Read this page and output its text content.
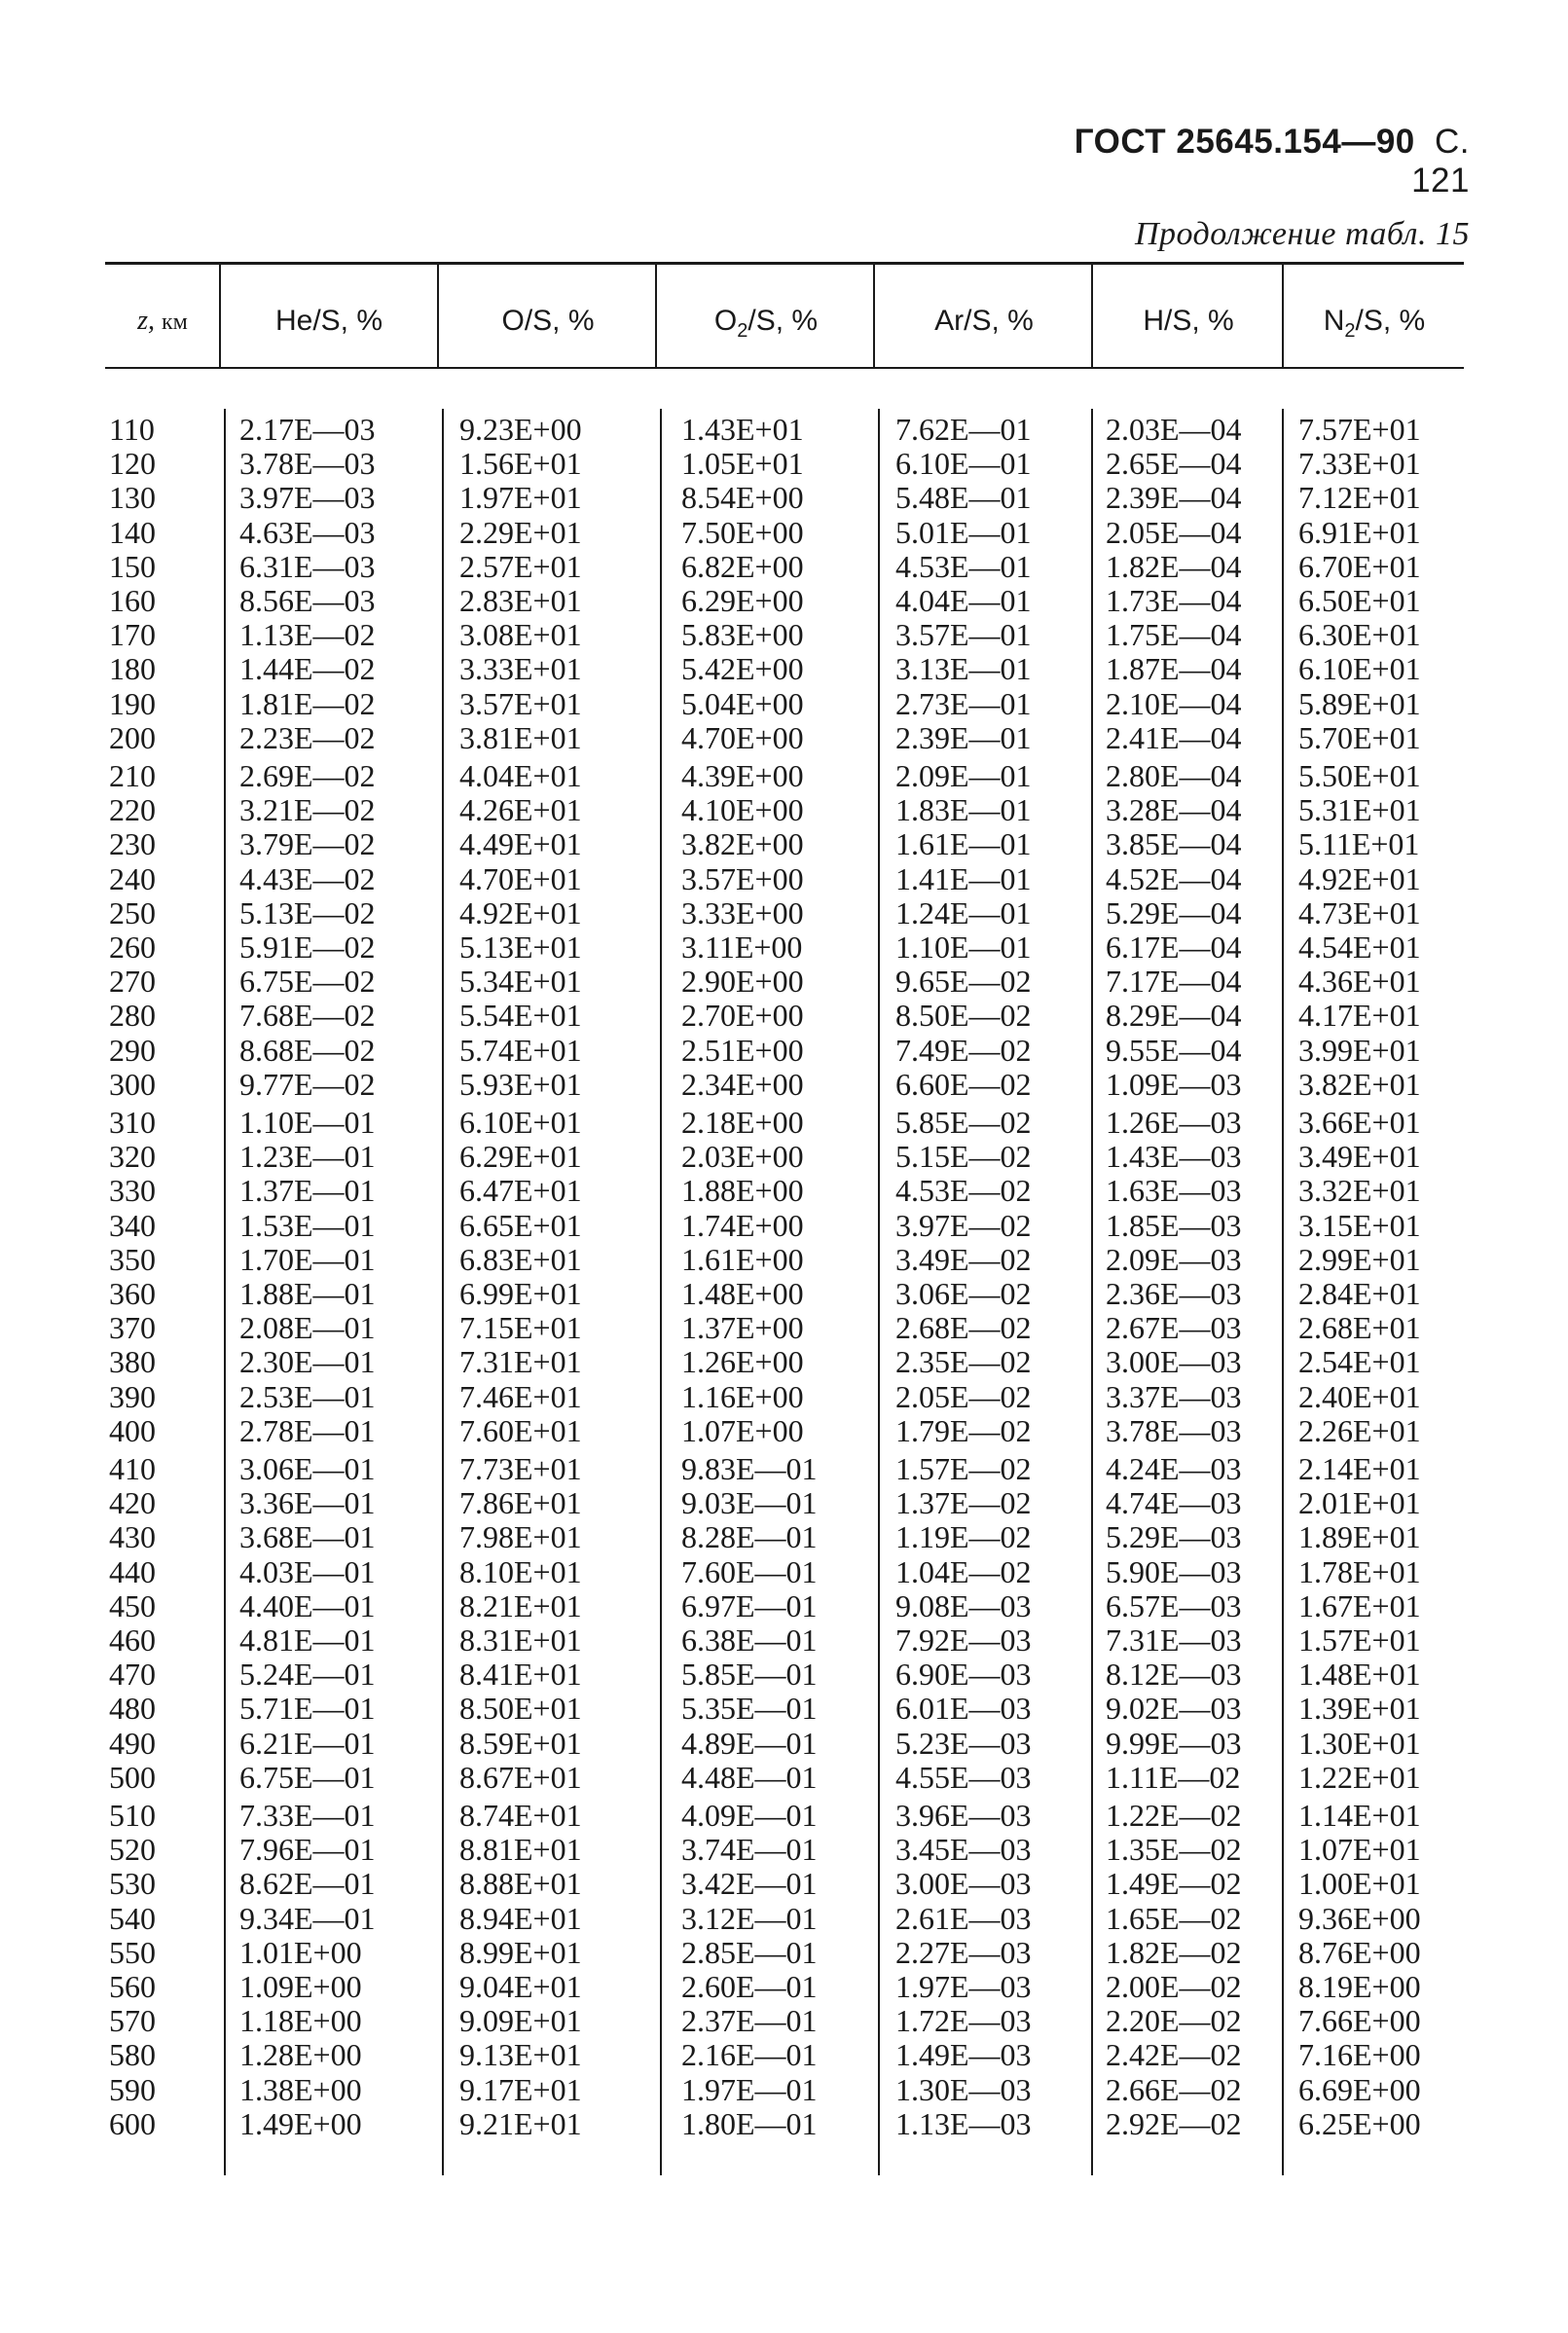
ГОСТ 25645.154—90 С. 121
Продолжение табл. 15
z, км	He/S, %	O/S, %	$O_2/S$, %	Ar/S, %	H/S, %	$N_2/S$, %
110	2.17E—03	9.23E+00	1.43E+01	7.62E—01 2.03E—04 7.57E+01
120	3.78E—03	1.56E+01	1.05E+01	6.10E—01 2.65E—04 7.33E+01
130	3.97E—03	1.97E+01	8.54E+00	5.48E—01 2.39E—04 7.12E+01
140	4.63E—03	2.29E+01	7.50E+00	5.01E—01 2.05E—04 6.91E+01
150	6.31E—03	2.57E+01	6.82E+00	4.53E—01 1.82E—04 6.70E+01
160	8.56E—03	2.83E+01	6.29E+00	4.04E—01 1.73E—04 6.50E+01
170	1.13E—02	3.08E+01	5.83E+00	3.57E—01 1.75E—04 6.30E+01
180	1.44E—02	3.33E+01	5.42E+00	3.13E—01 1.87E—04 6.10E+01
190	1.81E—02	3.57E+01	5.04E+00	2.73E—01 2.10E—04 5.89E+01
200	2.23E—02	3.81E+01	4.70E+00	2.39E—01 2.41E—04 5.70E+01
210	2.69E—02	4.04E+01	4.39E+00	2.09E—01 2.80E—04 5.50E+01
220	3.21E—02	4.26E+01	4.10E+00	1.83E—01 3.28E—04 5.31E+01
230	3.79E—02	4.49E+01	3.82E+00	1.61E—01 3.85E—04 5.11E+01
240	4.43E—02	4.70E+01	3.57E+00	1.41E—01 4.52E—04 4.92E+01
250	5.13E—02	4.92E+01	3.33E+00	1.24E—01 5.29E—04 4.73E+01
260	5.91E—02	5.13E+01	3.11E+00	1.10E—01 6.17E—04 4.54E+01
270	6.75E—02	5.34E+01	2.90E+00	9.65E—02 7.17E—04 4.36E+01
280	7.68E—02	5.54E+01	2.70E+00	8.50E—02 8.29E—04 4.17E+01
290	8.68E—02	5.74E+01	2.51E+00	7.49E—02 9.55E—04 3.99E+01
300	9.77E—02	5.93E+01	2.34E+00	6.60E—02 1.09E—03 3.82E+01
310	1.10E—01	6.10E+01	2.18E+00	5.85E—02 1.26E—03 3.66E+01
320	1.23E—01	6.29E+01	2.03E+00	5.15E—02 1.43E—03 3.49E+01
330	1.37E—01	6.47E+01	1.88E+00	4.53E—02 1.63E—03 3.32E+01
340	1.53E—01	6.65E+01	1.74E+00	3.97E—02 1.85E—03 3.15E+01
350	1.70E—01	6.83E+01	1.61E+00	3.49E—02 2.09E—03 2.99E+01
360	1.88E—01	6.99E+01	1.48E+00	3.06E—02 2.36E—03 2.84E+01
370	2.08E—01	7.15E+01	1.37E+00	2.68E—02 2.67E—03 2.68E+01
380	2.30E—01	7.31E+01	1.26E+00	2.35E—02 3.00E—03 2.54E+01
390	2.53E—01	7.46E+01	1.16E+00	2.05E—02 3.37E—03 2.40E+01
400	2.78E—01	7.60E+01	1.07E+00	1.79E—02 3.78E—03 2.26E+01
410	3.06E—01	7.73E+01	9.83E—01	1.57E—02 4.24E—03 2.14E+01
420	3.36E—01	7.86E+01	9.03E—01	1.37E—02 4.74E—03 2.01E+01
430	3.68E—01	7.98E+01	8.28E—01	1.19E—02 5.29E—03 1.89E+01
440	4.03E—01	8.10E+01	7.60E—01	1.04E—02 5.90E—03 1.78E+01
450	4.40E—01	8.21E+01	6.97E—01	9.08E—03 6.57E—03 1.67E+01
460	4.81E—01	8.31E+01	6.38E—01	7.92E—03 7.31E—03 1.57E+01
470	5.24E—01	8.41E+01	5.85E—01	6.90E—03 8.12E—03 1.48E+01
480	5.71E—01	8.50E+01	5.35E—01	6.01E—03 9.02E—03 1.39E+01
490	6.21E—01	8.59E+01	4.89E—01	5.23E—03 9.99E—03 1.30E+01
500	6.75E—01	8.67E+01	4.48E—01	4.55E—03 1.11E—02 1.22E+01
510	7.33E—01	8.74E+01	4.09E—01	3.96E—03 1.22E—02 1.14E+01
520	7.96E—01	8.81E+01	3.74E—01	3.45E—03 1.35E—02 1.07E+01
530	8.62E—01	8.88E+01	3.42E—01	3.00E—03 1.49E—02 1.00E+01
540	9.34E—01	8.94E+01	3.12E—01	2.61E—03 1.65E—02 9.36E+00
550	1.01E+00	8.99E+01	2.85E—01	2.27E—03 1.82E—02 8.76E+00
560	1.09E+00	9.04E+01	2.60E—01	1.97E—03 2.00E—02 8.19E+00
570	1.18E+00	9.09E+01	2.37E—01	1.72E—03 2.20E—02 7.66E+00
580	1.28E+00	9.13E+01	2.16E—01	1.49E—03 2.42E—02 7.16E+00
590	1.38E+00	9.17E+01	1.97E—01	1.30E—03 2.66E—02 6.69E+00
600	1.49E+00	9.21E+01	1.80E—01	1.13E—03 2.92E—02 6.25E+00
